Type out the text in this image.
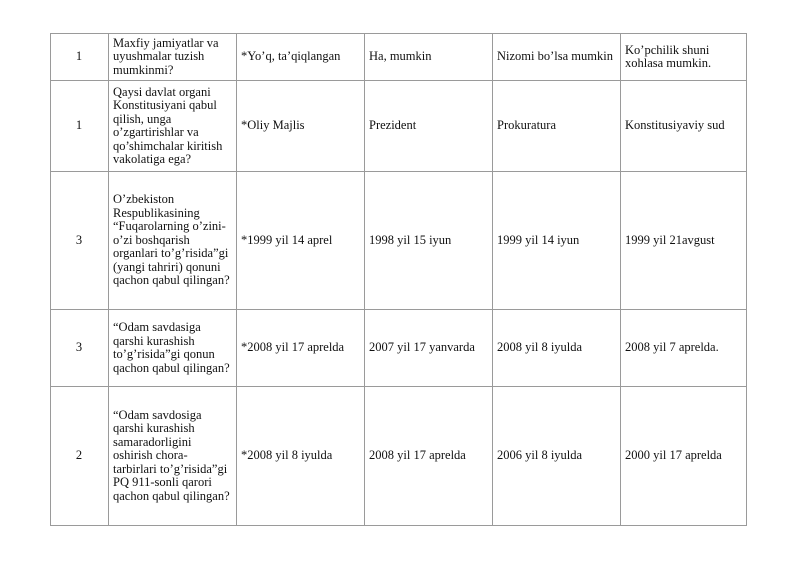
1	Maxfiy jamiyatlar va uyushmalar tuzish mumkinmi?	*Yo’q, ta’qiqlangan	Ha, mumkin	Nizomi bo’lsa mumkin	Ko’pchilik shuni xohlasa mumkin.
1	Qaysi davlat organi Konstitusiyani qabul qilish, unga o’zgartirishlar va qo’shimchalar kiritish vakolatiga ega?	*Oliy Majlis	Prezident	Prokuratura	Konstitusiyaviy sud
3	O’zbekiston Respublikasining “Fuqarolarning o’zini-o’zi boshqarish organlari to’g’risida”gi (yangi tahriri) qonuni qachon qabul qilingan?	*1999 yil 14 aprel	1998 yil 15 iyun	1999 yil 14 iyun	1999 yil 21avgust
3	“Odam savdasiga qarshi kurashish to’g’risida”gi qonun qachon qabul qilingan?	*2008 yil 17 aprelda	2007 yil 17 yanvarda	2008 yil 8 iyulda	2008 yil 7 aprelda.
2	“Odam savdosiga qarshi kurashish samaradorligini oshirish chora-tarbirlari to’g’risida”gi PQ 911-sonli qarori qachon qabul qilingan?	*2008 yil 8 iyulda	2008 yil 17 aprelda	2006 yil 8 iyulda	2000 yil 17 aprelda
